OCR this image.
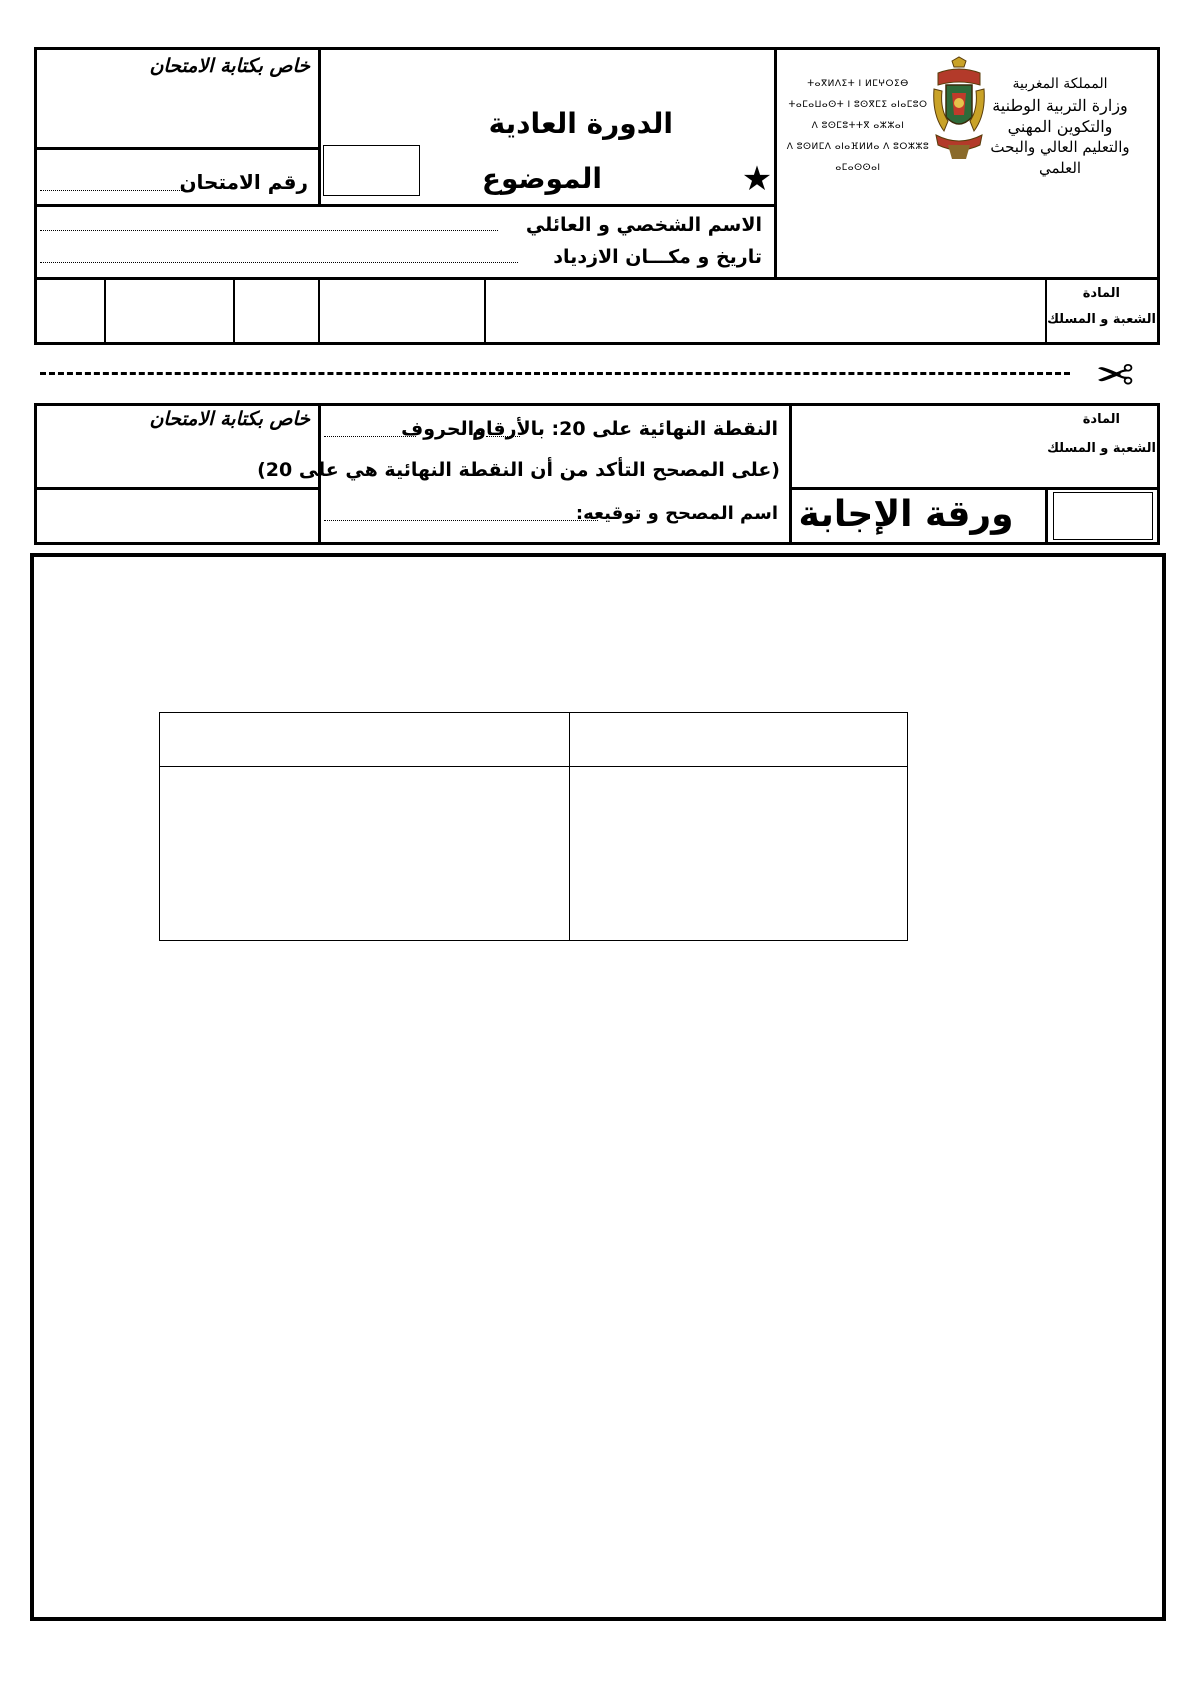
خاص بكتابة الامتحان
رقم الامتحان
الدورة العادية
الموضوع	★
الاسم الشخصي و العائلي
تاريخ و مكـــان الازدياد
المملكة المغربية
وزارة التربية الوطنية
والتكوين المهني
والتعليم العالي والبحث العلمي
ⵜⴰⴳⵍⴷⵉⵜ ⵏ ⵍⵎⵖⵔⵉⴱ
ⵜⴰⵎⴰⵡⴰⵙⵜ ⵏ ⵓⵙⴳⵎⵉ ⴰⵏⴰⵎⵓⵔ
ⴷ ⵓⵙⵎⵓⵜⵜⴳ ⴰⵣⵣⴰⵏ
ⴷ ⵓⵙⵍⵎⴷ ⴰⵏⴰⴼⵍⵍⴰ ⴷ ⵓⵔⵣⵣⵓ ⴰⵎⴰⵙⵙⴰⵏ
المادة
الشعبة و المسلك
✂
خاص بكتابة الامتحان	النقطة النهائية على 20: بالأرقام
والحروف
(على المصحح التأكد من أن النقطة النهائية هي على 20)
اسم المصحح و توقيعه:
المادة
الشعبة و المسلك
ورقة الإجابة
